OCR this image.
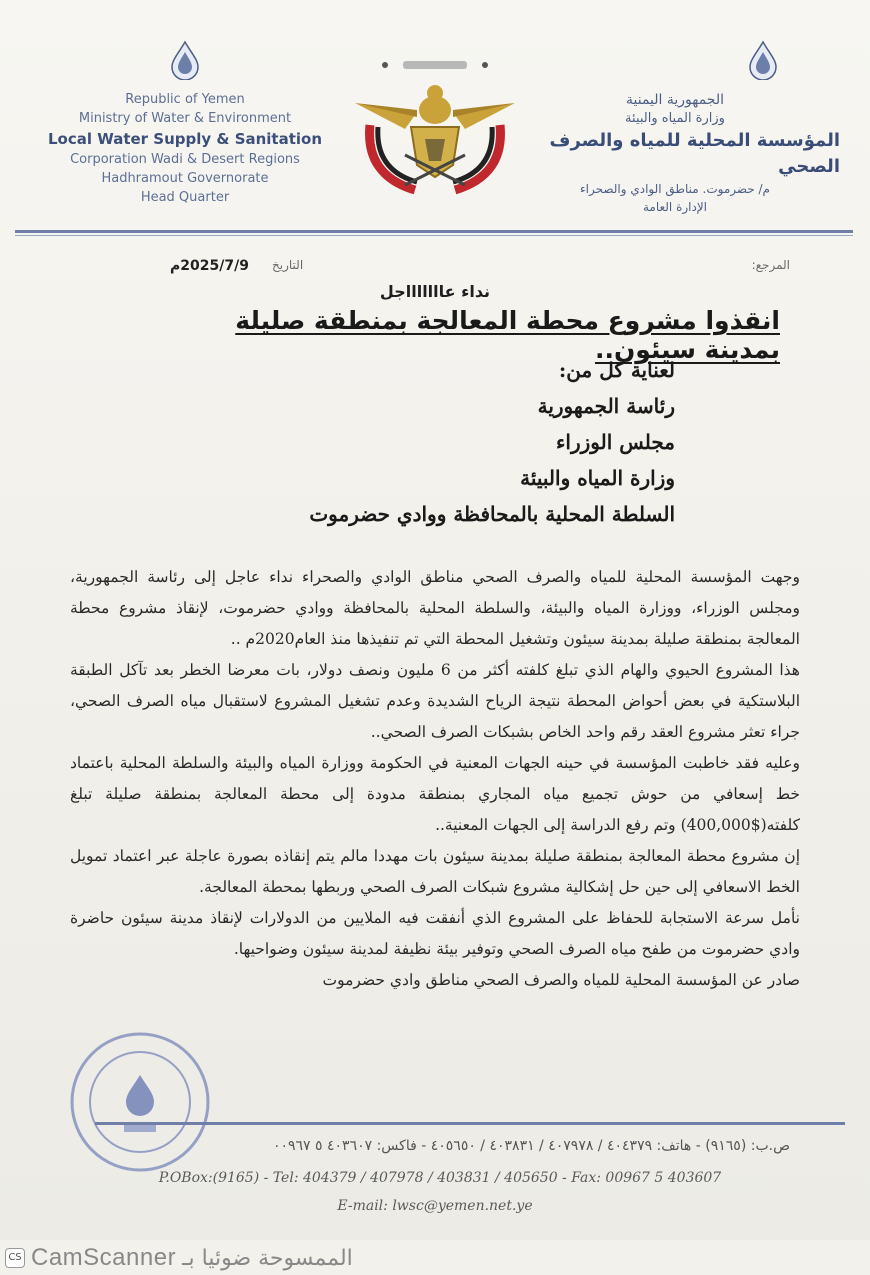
Republic of Yemen
Ministry of Water & Environment
Local Water Supply & Sanitation
Corporation Wadi & Desert Regions
Hadhramout Governorate
Head Quarter
الجمهورية اليمنية
وزارة المياه والبيئة
المؤسسة المحلية للمياه والصرف الصحي
م/ حضرموت. مناطق الوادي والصحراء
الإدارة العامة
المرجع:
التاريخ
2025/7/9م
نداء عاااااااجل
انقذوا مشروع محطة المعالجة بمنطقة صليلة بمدينة سيئون..
لعناية كل من:
رئاسة الجمهورية
مجلس الوزراء
وزارة المياه والبيئة
السلطة المحلية بالمحافظة ووادي حضرموت

وجهت المؤسسة المحلية للمياه والصرف الصحي مناطق الوادي والصحراء نداء عاجل إلى رئاسة الجمهورية، ومجلس الوزراء، ووزارة المياه والبيئة، والسلطة المحلية بالمحافظة ووادي حضرموت، لإنقاذ مشروع محطة المعالجة بمنطقة صليلة بمدينة سيئون وتشغيل المحطة التي تم تنفيذها منذ العام2020م ..

هذا المشروع الحيوي والهام الذي تبلغ كلفته أكثر من 6 مليون ونصف دولار، بات معرضا الخطر بعد تآكل الطبقة البلاستكية في بعض أحواض المحطة نتيجة الرياح الشديدة وعدم تشغيل المشروع لاستقبال مياه الصرف الصحي، جراء تعثر مشروع العقد رقم واحد الخاص بشبكات الصرف الصحي..

وعليه فقد خاطبت المؤسسة في حينه الجهات المعنية في الحكومة ووزارة المياه والبيئة والسلطة المحلية باعتماد خط إسعافي من حوش تجميع مياه المجاري بمنطقة مدودة إلى محطة المعالجة بمنطقة صليلة تبلغ كلفته($400,000) وتم رفع الدراسة إلى الجهات المعنية..

إن مشروع محطة المعالجة بمنطقة صليلة بمدينة سيئون بات مهددا مالم يتم إنقاذه بصورة عاجلة عبر اعتماد تمويل الخط الاسعافي إلى حين حل إشكالية مشروع شبكات الصرف الصحي وربطها بمحطة المعالجة.

نأمل سرعة الاستجابة للحفاظ على المشروع الذي أنفقت فيه الملايين من الدولارات لإنقاذ مدينة سيئون حاضرة وادي حضرموت من طفح مياه الصرف الصحي وتوفير بيئة نظيفة لمدينة سيئون وضواحيها.

صادر عن المؤسسة المحلية للمياه والصرف الصحي مناطق وادي حضرموت

ص.ب: (٩١٦٥) - هاتف: ٤٠٤٣٧٩ / ٤٠٧٩٧٨ / ٤٠٣٨٣١ / ٤٠٥٦٥٠ - فاكس: ٤٠٣٦٠٧ ٥ ٠٠٩٦٧
P.OBox:(9165) - Tel: 404379 / 407978 / 403831 / 405650 - Fax: 00967 5 403607
E-mail: lwsc@yemen.net.ye
CS CamScanner الممسوحة ضوئيا بـ
